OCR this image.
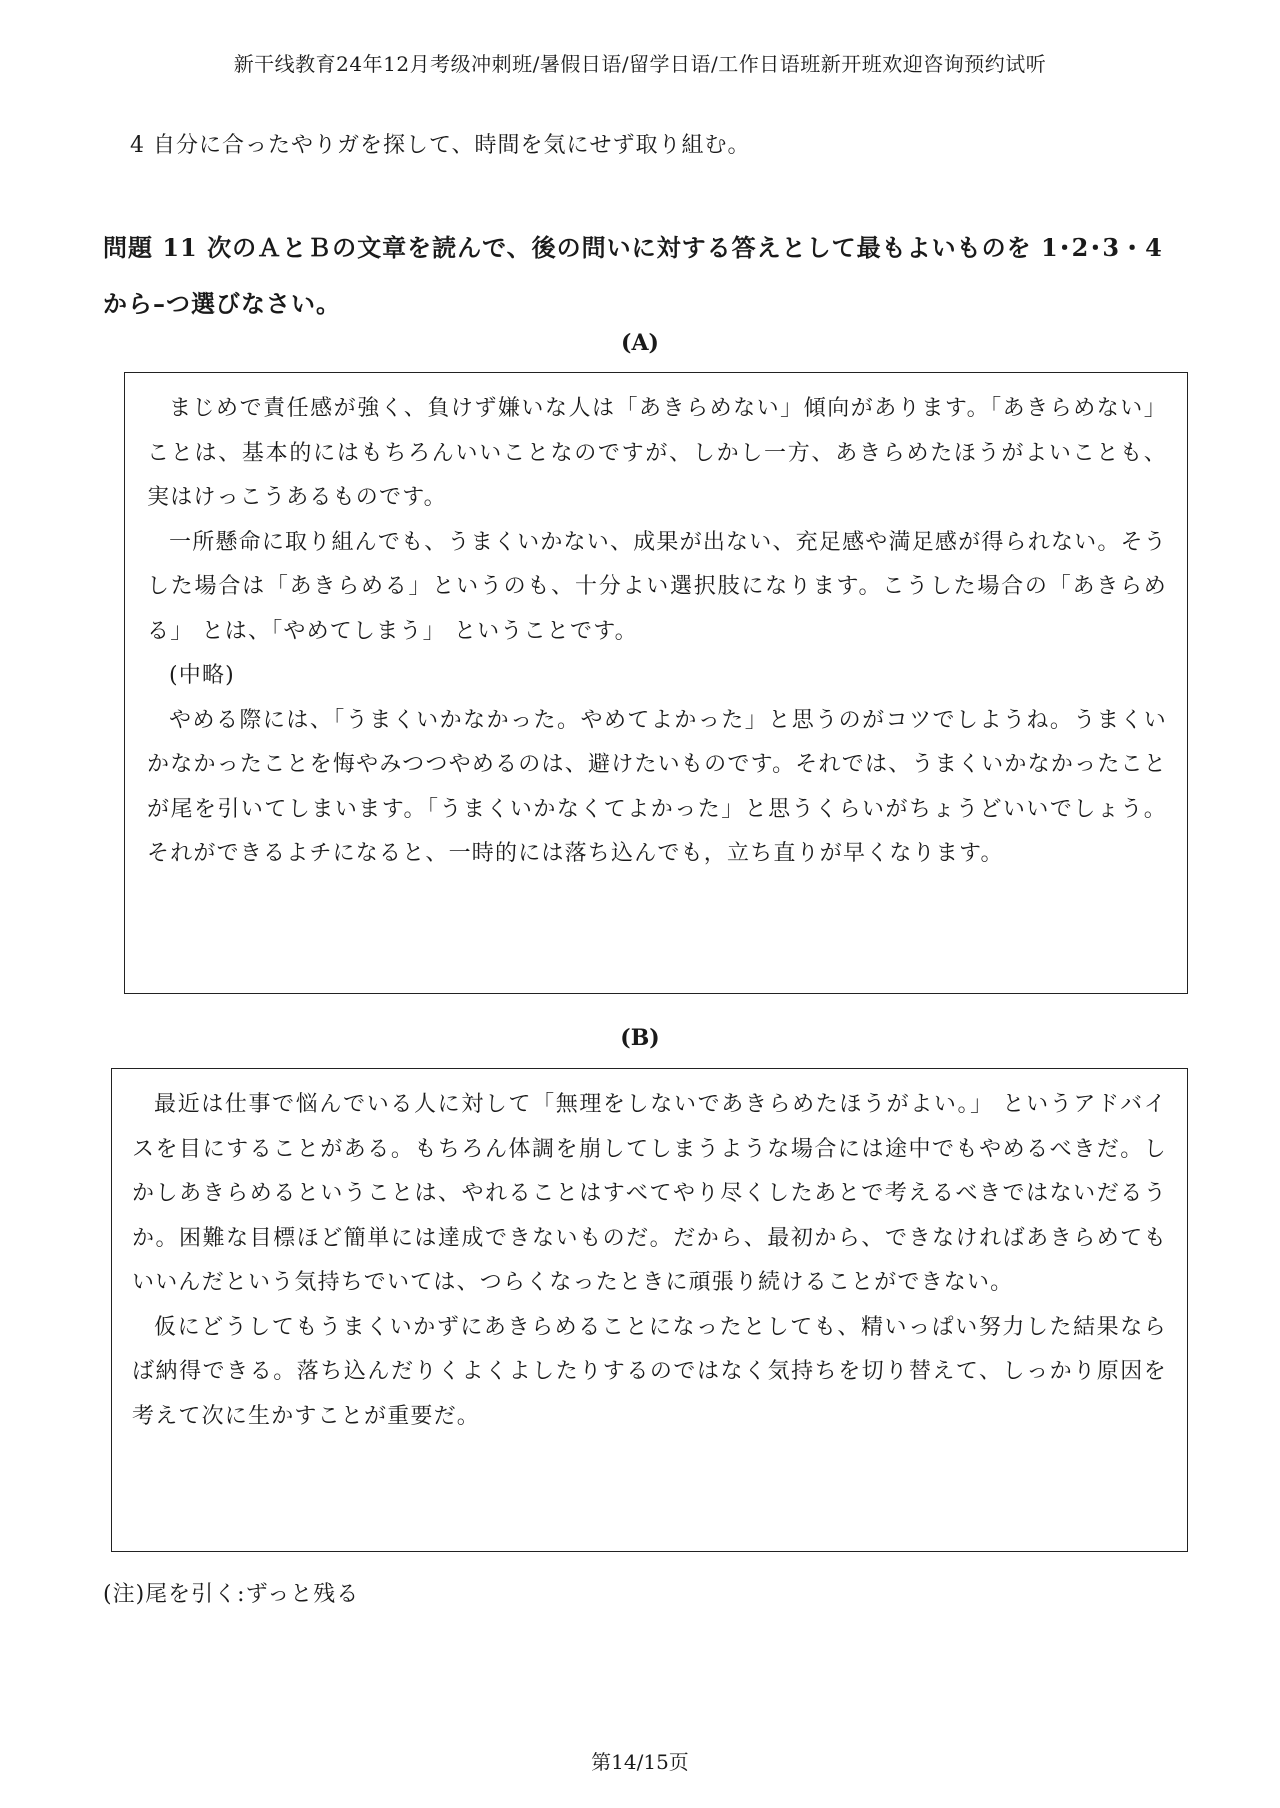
新干线教育24年12月考级冲刺班/暑假日语/留学日语/工作日语班新开班欢迎咨询预约试听
4 自分に合ったやりガを探して、時間を気にせず取り組む。
問題 11 次のＡとＢの文章を読んで、後の問いに対する答えとして最もよいものを 1･2･3・4
から–つ選びなさい。
(A)

まじめで責任感が強く、負けず嫌いな人は「あきらめない」傾向があります。「あきらめない」ことは、基本的にはもちろんいいことなのですが、しかし一方、あきらめたほうがよいことも、実はけっこうあるものです。

一所懸命に取り組んでも、うまくいかない、成果が出ない、充足感や満足感が得られない。そうした場合は「あきらめる」というのも、十分よい選択肢になります。こうした場合の「あきらめる」 とは、「やめてしまう」 ということです。

(中略)

やめる際には、「うまくいかなかった。やめてよかった」と思うのがコツでしようね。うまくいかなかったことを悔やみつつやめるのは、避けたいものです。それでは、うまくいかなかったことが尾を引いてしまいます。「うまくいかなくてよかった」と思うくらいがちょうどいいでしょう。それができるよチになると、一時的には落ち込んでも，立ち直りが早くなります。

(B)

最近は仕事で悩んでいる人に対して「無理をしないであきらめたほうがよい。」 というアドバイスを目にすることがある。もちろん体調を崩してしまうような場合には途中でもやめるべきだ。しかしあきらめるということは、やれることはすべてやり尽くしたあとで考えるべきではないだるうか。困難な目標ほど簡単には達成できないものだ。だから、最初から、できなければあきらめてもいいんだという気持ちでいては、つらくなったときに頑張り続けることができない。

仮にどうしてもうまくいかずにあきらめることになったとしても、精いっぱい努力した結果ならば納得できる。落ち込んだりくよくよしたりするのではなく気持ちを切り替えて、しっかり原因を考えて次に生かすことが重要だ。

(注)尾を引く:ずっと残る
第14/15页
